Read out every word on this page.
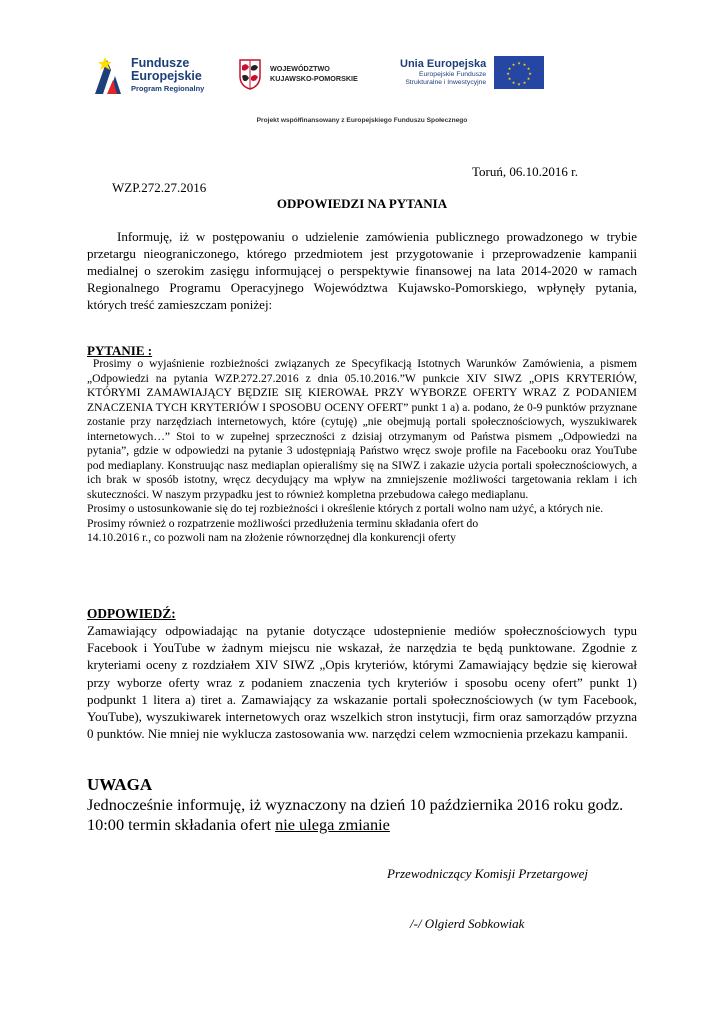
Fundusze
Europejskie
Program Regionalny
WOJEWÓDZTWO
KUJAWSKO-POMORSKIE
Unia Europejska
Europejskie Fundusze
Strukturalne i Inwestycyjne
★ ★
★
★
★
★
★
★
★
★
★
★
Projekt współfinansowany z Europejskiego Funduszu Społecznego
Toruń, 06.10.2016 r.
WZP.272.27.2016
ODPOWIEDZI NA PYTANIA
Informuję, iż w postępowaniu o udzielenie zamówienia publicznego prowadzonego w trybie przetargu nieograniczonego, którego przedmiotem jest przygotowanie i przeprowadzenie kampanii medialnej o szerokim zasięgu informującej o perspektywie finansowej na lata 2014-2020 w ramach Regionalnego Programu Operacyjnego Województwa Kujawsko-Pomorskiego, wpłynęły pytania, których treść zamieszczam poniżej:
PYTANIE :
Prosimy o wyjaśnienie rozbieżności związanych ze Specyfikacją Istotnych Warunków Zamówienia, a pismem „Odpowiedzi na pytania WZP.272.27.2016 z dnia 05.10.2016.”W punkcie XIV SIWZ „OPIS KRYTERIÓW, KTÓRYMI ZAMAWIAJĄCY BĘDZIE SIĘ KIEROWAŁ PRZY WYBORZE OFERTY WRAZ Z PODANIEM ZNACZENIA TYCH KRYTERIÓW I SPOSOBU OCENY OFERT” punkt 1 a) a. podano, że 0-9 punktów przyznane zostanie przy narzędziach internetowych, które (cytuję) „nie obejmują portali społecznościowych, wyszukiwarek internetowych…” Stoi to w zupełnej sprzeczności z dzisiaj otrzymanym od Państwa pismem „Odpowiedzi na pytania”, gdzie w odpowiedzi na pytanie 3 udostępniają Państwo wręcz swoje profile na Facebooku oraz YouTube pod mediaplany. Konstruując nasz mediaplan opieraliśmy się na SIWZ i zakazie użycia portali społecznościowych, a ich brak w sposób istotny, wręcz decydujący ma wpływ na zmniejszenie możliwości targetowania reklam i ich skuteczności. W naszym przypadku jest to również kompletna przebudowa całego mediaplanu.
Prosimy o ustosunkowanie się do tej rozbieżności i określenie których z portali wolno nam użyć, a których nie.
Prosimy również o rozpatrzenie możliwości przedłużenia terminu składania ofert do
14.10.2016 r., co pozwoli nam na złożenie równorzędnej dla konkurencji oferty
ODPOWIEDŹ:
Zamawiający odpowiadając na pytanie dotyczące udostepnienie mediów społecznościowych typu Facebook i YouTube w żadnym miejscu nie wskazał, że narzędzia te będą punktowane. Zgodnie z kryteriami oceny z rozdziałem XIV SIWZ „Opis kryteriów, którymi Zamawiający będzie się kierował przy wyborze oferty wraz z podaniem znaczenia tych kryteriów i sposobu oceny ofert” punkt 1) podpunkt 1 litera a) tiret a. Zamawiający za wskazanie portali społecznościowych (w tym Facebook, YouTube), wyszukiwarek internetowych oraz wszelkich stron instytucji, firm oraz samorządów przyzna 0 punktów. Nie mniej nie wyklucza zastosowania ww. narzędzi celem wzmocnienia przekazu kampanii.
UWAGA
Jednocześnie informuję, iż wyznaczony na dzień 10 października 2016 roku godz. 10:00 termin składania ofert nie ulega zmianie
Przewodniczący Komisji Przetargowej
/-/ Olgierd Sobkowiak
